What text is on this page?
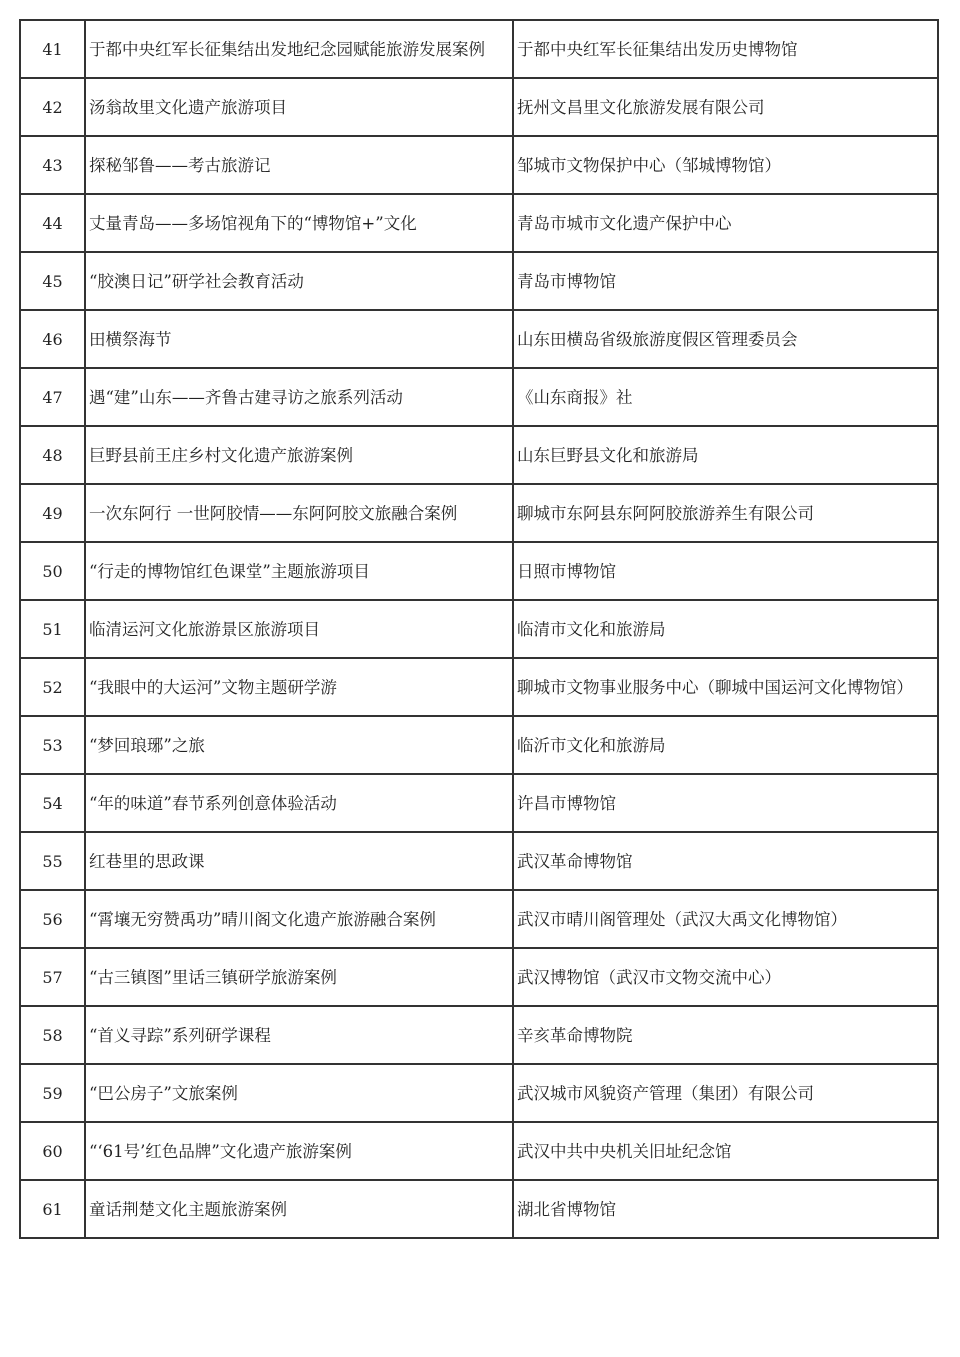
41	于都中央红军长征集结出发地纪念园赋能旅游发展案例	于都中央红军长征集结出发历史博物馆
42	汤翁故里文化遗产旅游项目	抚州文昌里文化旅游发展有限公司
43	探秘邹鲁——考古旅游记	邹城市文物保护中心（邹城博物馆）
44	丈量青岛——多场馆视角下的“博物馆+”文化	青岛市城市文化遗产保护中心
45	“胶澳日记”研学社会教育活动	青岛市博物馆
46	田横祭海节	山东田横岛省级旅游度假区管理委员会
47	遇“建”山东——齐鲁古建寻访之旅系列活动	《山东商报》社
48	巨野县前王庄乡村文化遗产旅游案例	山东巨野县文化和旅游局
49	一次东阿行 一世阿胶情——东阿阿胶文旅融合案例	聊城市东阿县东阿阿胶旅游养生有限公司
50	“行走的博物馆红色课堂”主题旅游项目	日照市博物馆
51	临清运河文化旅游景区旅游项目	临清市文化和旅游局
52	“我眼中的大运河”文物主题研学游	聊城市文物事业服务中心（聊城中国运河文化博物馆）
53	“梦回琅琊”之旅	临沂市文化和旅游局
54	“年的味道”春节系列创意体验活动	许昌市博物馆
55	红巷里的思政课	武汉革命博物馆
56	“霄壤无穷赞禹功”晴川阁文化遗产旅游融合案例	武汉市晴川阁管理处（武汉大禹文化博物馆）
57	“古三镇图”里话三镇研学旅游案例	武汉博物馆（武汉市文物交流中心）
58	“首义寻踪”系列研学课程	辛亥革命博物院
59	“巴公房子”文旅案例	武汉城市风貌资产管理（集团）有限公司
60	“‘61号’红色品牌”文化遗产旅游案例	武汉中共中央机关旧址纪念馆
61	童话荆楚文化主题旅游案例	湖北省博物馆
